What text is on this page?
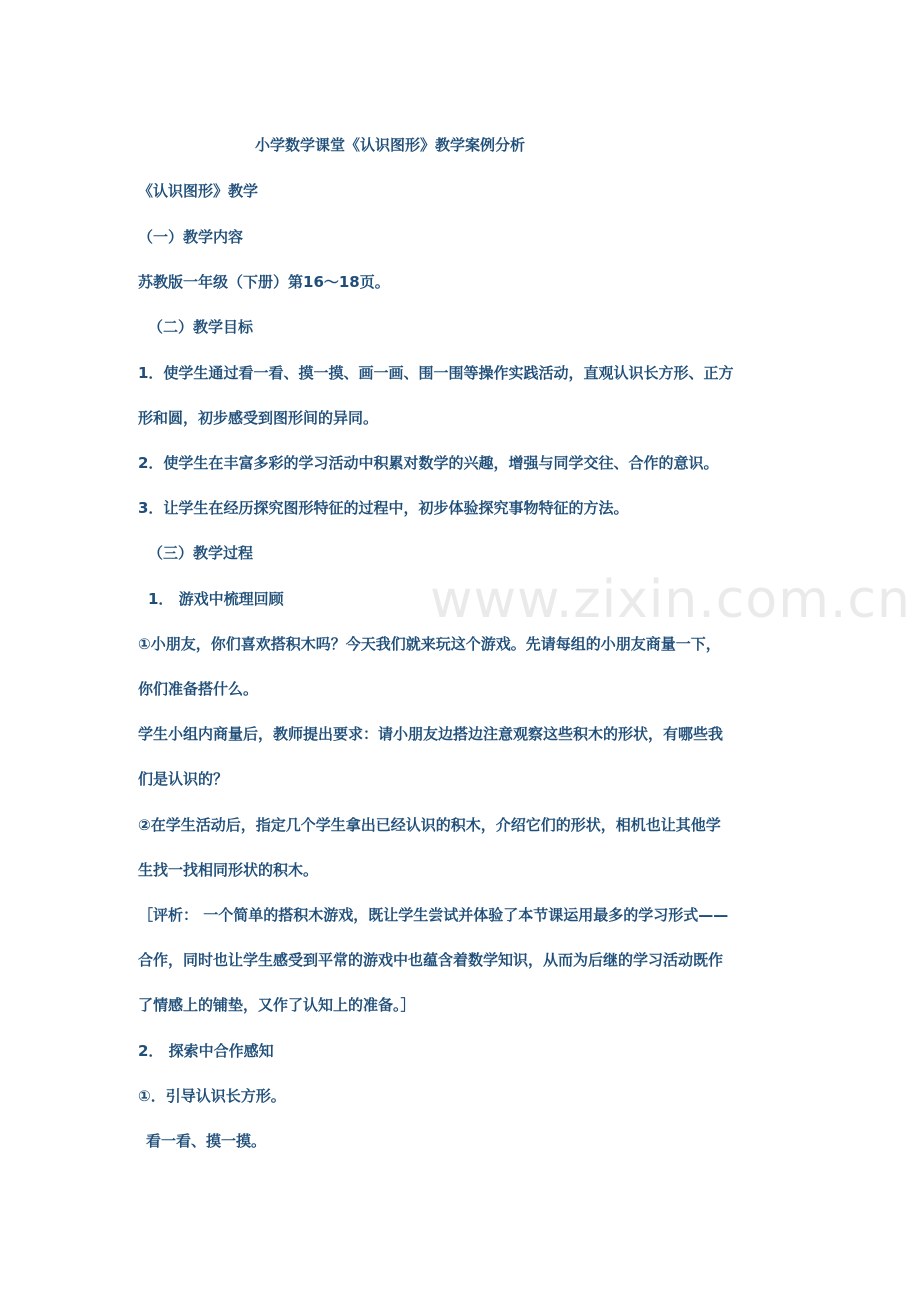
小学数学课堂《认识图形》教学案例分析
《认识图形》教学
（一）教学内容
苏教版一年级（下册）第16～18页。
（二）教学目标
1．使学生通过看一看、摸一摸、画一画、围一围等操作实践活动，直观认识长方形、正方
形和圆，初步感受到图形间的异同。
2．使学生在丰富多彩的学习活动中积累对数学的兴趣，增强与同学交往、合作的意识。
3．让学生在经历探究图形特征的过程中，初步体验探究事物特征的方法。
（三）教学过程
1． 游戏中梳理回顾
①小朋友，你们喜欢搭积木吗？今天我们就来玩这个游戏。先请每组的小朋友商量一下，
你们准备搭什么。
学生小组内商量后，教师提出要求：请小朋友边搭边注意观察这些积木的形状，有哪些我
们是认识的？
②在学生活动后，指定几个学生拿出已经认识的积木，介绍它们的形状，相机也让其他学
生找一找相同形状的积木。
［评析： 一个简单的搭积木游戏，既让学生尝试并体验了本节课运用最多的学习形式——
合作，同时也让学生感受到平常的游戏中也蕴含着数学知识，从而为后继的学习活动既作
了情感上的铺垫，又作了认知上的准备。］
2． 探索中合作感知
①．引导认识长方形。
看一看、摸一摸。
www.zixin.com.cn
